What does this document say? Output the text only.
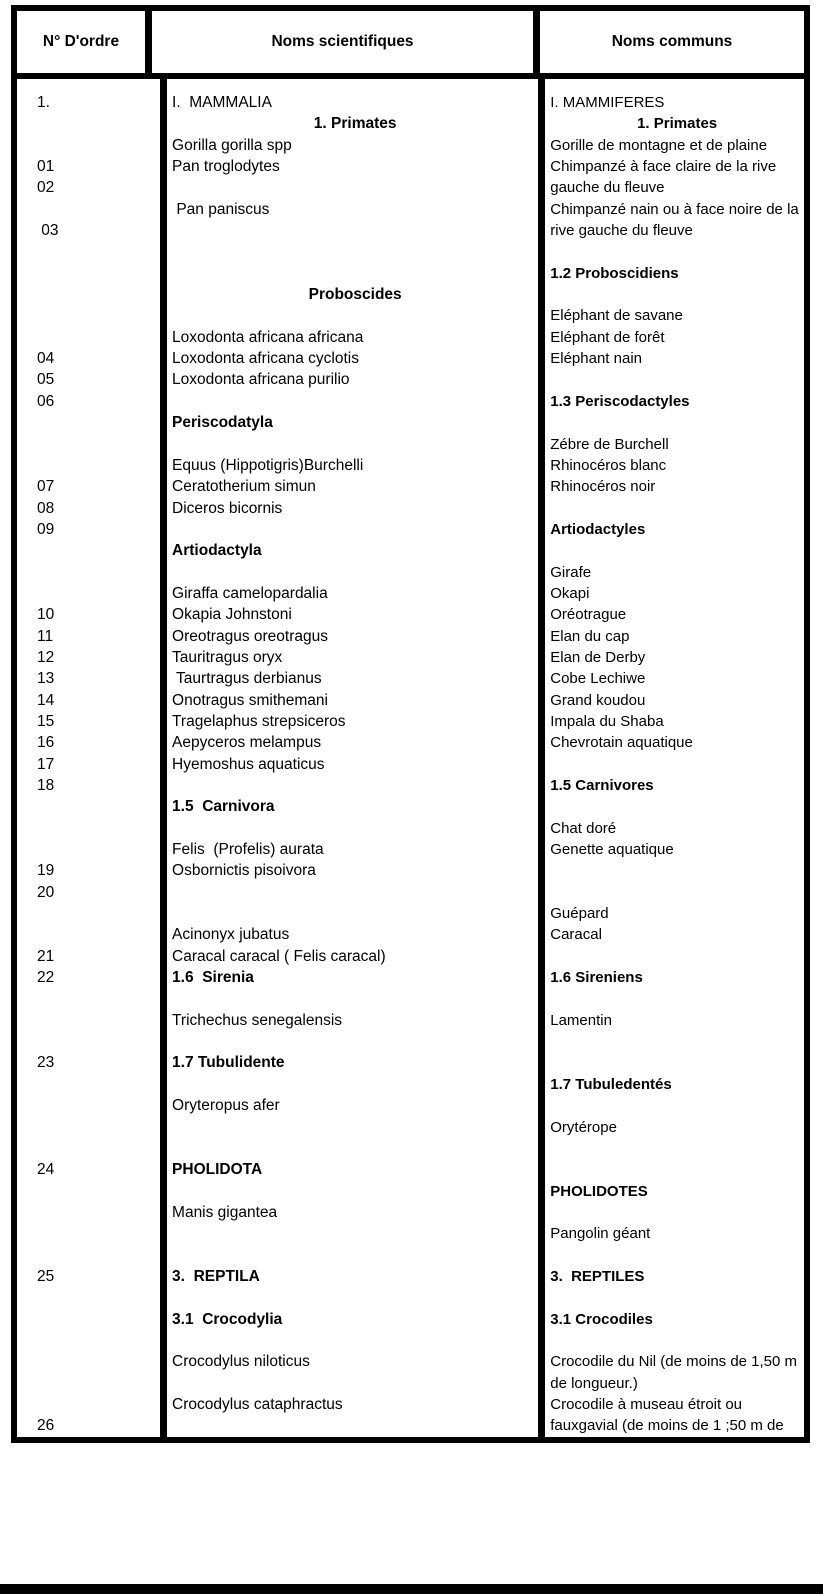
N° D'ordre	Noms scientifiques	Noms communs
1.

01
02

03

04
05
06

07
08
09

10
11
12
13
14
15
16
17
18

19
20

21
22

23

24

25

26
I.  MAMMALIA
1. Primates
Gorilla gorilla spp
Pan troglodytes

Pan paniscus

Proboscides

Loxodonta africana africana
Loxodonta africana cyclotis
Loxodonta africana purilio

Periscodatyla

Equus (Hippotigris)Burchelli
Ceratotherium simun
Diceros bicornis

Artiodactyla

Giraffa camelopardalia
Okapia Johnstoni
Oreotragus oreotragus
Tauritragus oryx
Taurtragus derbianus
Onotragus smithemani
Tragelaphus strepsiceros
Aepyceros melampus
Hyemoshus aquaticus

1.5  Carnivora

Felis  (Profelis) aurata
Osbornictis pisoivora

Acinonyx jubatus
Caracal caracal ( Felis caracal)
1.6  Sirenia

Trichechus senegalensis

1.7 Tubulidente

Oryteropus afer

PHOLIDOTA

Manis gigantea

3.  REPTILA

3.1  Crocodylia

Crocodylus niloticus

Crocodylus cataphractus

I. MAMMIFERES
1. Primates
Gorille de montagne et de plaine
Chimpanzé à face claire de la rive
gauche du fleuve
Chimpanzé nain ou à face noire de la
rive gauche du fleuve

1.2 Proboscidiens

Eléphant de savane
Eléphant de forêt
Eléphant nain

1.3 Periscodactyles

Zébre de Burchell
Rhinocéros blanc
Rhinocéros noir

Artiodactyles

Girafe
Okapi
Oréotrague
Elan du cap
Elan de Derby
Cobe Lechiwe
Grand koudou
Impala du Shaba
Chevrotain aquatique

1.5 Carnivores

Chat doré
Genette aquatique

Guépard
Caracal

1.6 Sireniens

Lamentin

1.7 Tubuledentés

Orytérope

PHOLIDOTES

Pangolin géant

3.  REPTILES

3.1 Crocodiles

Crocodile du Nil (de moins de 1,50 m
de longueur.)
Crocodile à museau étroit ou
fauxgavial (de moins de 1 ;50 m de
